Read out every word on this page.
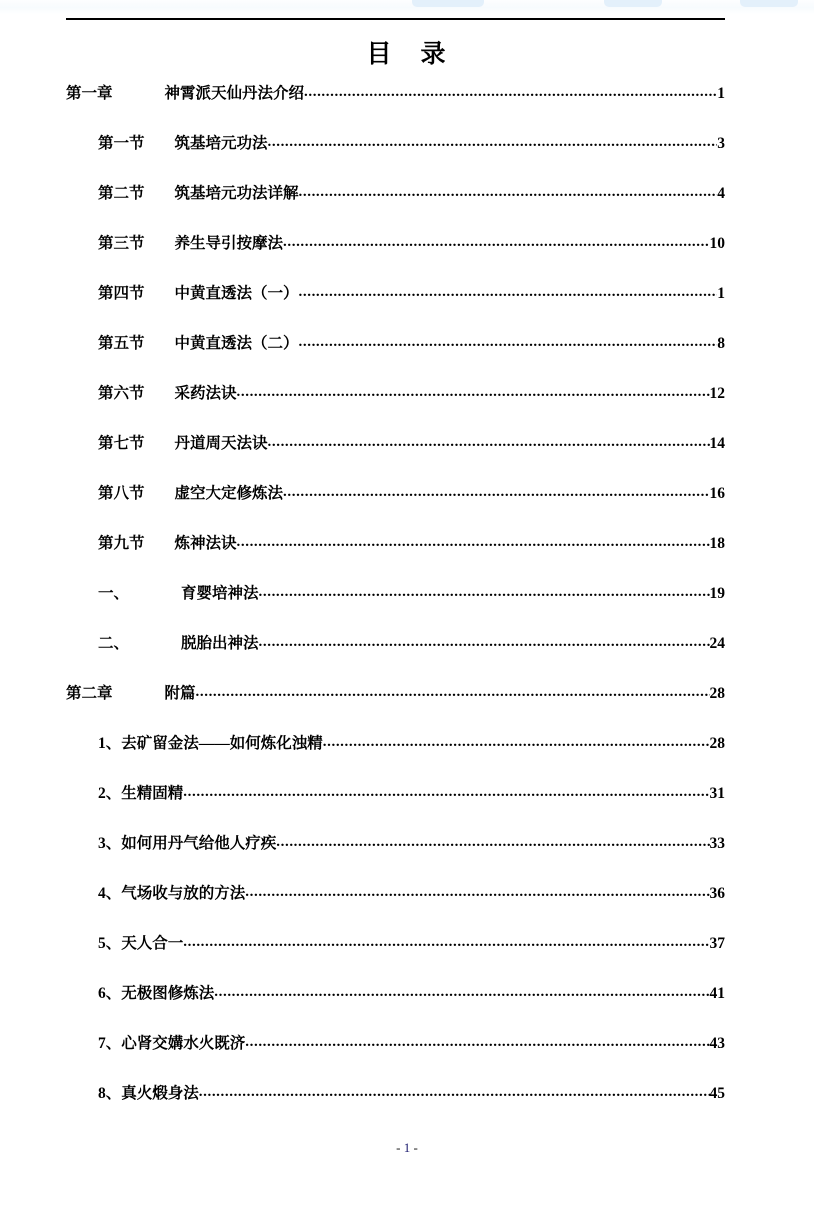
目　录
第一章	神霄派天仙丹法介绍 .....	1
第一节 筑基培元功法 .....	3
第二节 筑基培元功法详解 .....	4
第三节 养生导引按摩法 .....	10
第四节 中黄直透法（一） .....	1
第五节 中黄直透法（二） .....	8
第六节 采药法诀 .....	12
第七节 丹道周天法诀 .....	14
第八节 虚空大定修炼法 .....	16
第九节 炼神法诀 .....	18
一、	育婴培神法 .....	19
二、	脱胎出神法 .....	24
第二章	附篇 .....	28
1、 去矿留金法——如何炼化浊精 .....	28
2、 生精固精 .....	31
3、 如何用丹气给他人疗疾 .....	33
4、 气场收与放的方法 .....	36
5、 天人合一 .....	37
6、 无极图修炼法 .....	41
7、 心肾交媾水火既济 .....	43
8、 真火煅身法 .....	45
- 1 -
